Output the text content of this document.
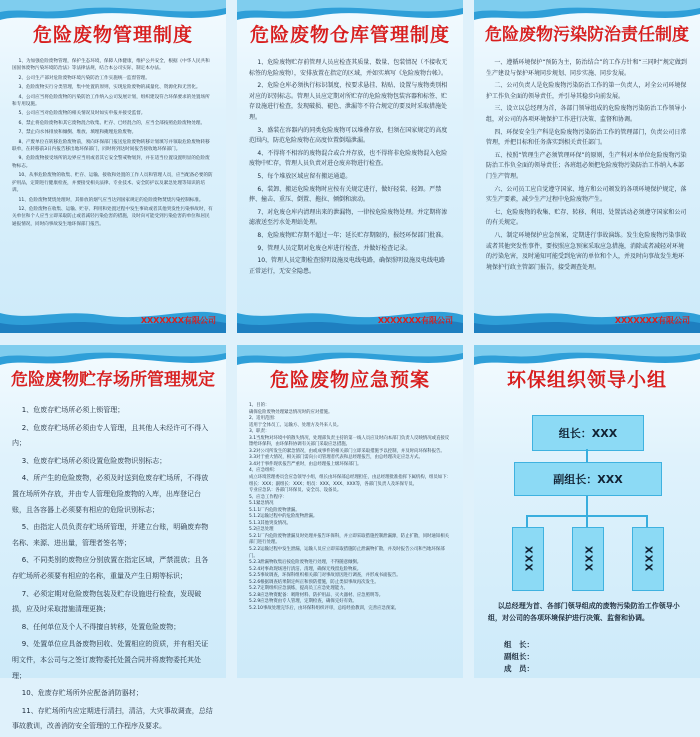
危险废物管理制度

1、为加强危险废物管理，保护生态环境，保障人体健康，维护公共安全，根据《中华人民共和国固体废物污染环境防治法》等法律法规，结合本公司实际，制定本办法。

2、公司生产部对危险废物环境污染防治工作实施统一监督管理。

3、危险废物实行分类管理，集中处置的原则，实现危险废物的减量化、资源化和无害化。

4、公司应当将危险废物的污染防治工作纳入公司发展计划，组织建设符合环保要求的处置场所和专用设施。

5、公司应当对危险废物的相关情况及时如实申报并接受监督。

6、禁止将危险废物和其它废物混合收集、贮存、已经混合的，应当全部按照危险废物处理。

7、禁止向水体排放和倾倒、堆放、填埋和掩埋危险废物。

8、产废单位在转移危险废物前，须向环保部门报送危险废物转移计划填写并领取危险废物转移联单，在转移前3日内报告移出地环保部门，同时将到达时间报告接收地环保部门。

9、危险废物接受场所的边界应当用或者其它安全警戒物划封，并在适当位置设置明显的危险废物标志。

10、从事危险废物的收集、贮存、运输、接收和处置的工作人员和管理人员，应当配备必要的防护用品，定期进行健康检查，并要接受相关法律、专业技术、安全防护以及紧急处理等知识的培训。

11、危险废物焚烧处理时，其排放的烟气应当达到国家规定的危险废物焚烧污染控制标准。

12、危险废物在收集、运输、贮存、利用和处置过程中发生事故或者其他突发性污染事故时，有关单位和个人应当立即采取防止或者减轻污染危害的措施，及时向可能受到污染危害的单位和居民通报情况，同时向事故发生地环保部门报告。

XXXXXXX有限公司
危险废物仓库管理制度

1、危险废物贮存前管理人员应检查其质量、数量、包装情况（不接收无标签的危险废物），安排放置在指定的区域，并如实填写《危险废物台帐》。

2、危险仓库必须执行标识制度，按要求悬挂、粘贴、设置与废物类别相对应的识别标志。管理人员应定期对所贮存的危险废物包装容器和标签、贮存设施进行检查，发现破损、褪色、泄漏等不符合规定的要及时采取措施处理。

3、盛装在容器内的同类危险废物可以堆叠存放，但须在国家规定的高度范围内，防范危险废物在高度位置倒塌泄漏。

4、不得将不相容的废物混合或合并存放，也不得将非危险废物混入危险废物中贮存，管理人员负责对进仓废弃物进行检查。

5、每个堆放区域应留有搬运通道。

6、装卸、搬运危险废物时应按有关规定进行，做好轻装、轻卸。严禁摔、撞击、重压、倒置、拖拉、倾倒和滚动。

7、对危废仓库内清理出来的泄漏物，一律按危险废物处理。并定期将渗滤液送至污水处理站处理。

8、危险废物贮存期不超过一年；延长贮存期限的，报经环保部门批准。

9、管理人员定期对危废仓库进行检查，并做好检查记录。

10、管理人员定期检查照明设施及电线电路，确保照明设施及电线电路正常运行，无安全隐患。

XXXXXXX有限公司
危险废物污染防治责任制度

一、遵循环境保护“预防为主，防治结合”的工作方针和“三同时”规定做到生产建设与保护环境同步规划、同步实施、同步发展。

二、公司负责人是危险废物污染防治工作的第一负责人，对全公司环境保护工作负全面的领导责任，并引导其稳步向前发展。

三、设立以总经理为首，各部门领导组成的危险废物污染防治工作领导小组，对公司的各项环境保护工作进行决策、监督和协调。

四、环保安全生产科是危险废物污染防治工作的管理部门，负责公司日常管理，并把目标和任务落实到相关责任部门。

五、按照“管理生产必须管理环保”的原则，生产科对本单位危险废物污染防治工作负全面的领导责任；各班组必须把危险废物污染防治工作纳入本部门生产管理。

六、公司员工应自觉遵守国家、地方和公司颁发的各项环境保护规定，落实生产要素，减少生产过程中危险废物产生。

七、危险废物的收集、贮存、转移、利用、处置活动必须遵守国家和公司的有关规定。

八、制定环境保护应急预案，定期进行事故演练。发生危险废物污染事故或者其他突发性事件，要按照应急预案采取应急措施，消除或者减轻对环境的污染危害，及时通知可能受到危害的单位和个人，并及时向事故发生地环境保护行政主管部门报告，接受调查处理。

XXXXXXX有限公司
危险废物贮存场所管理规定

1、危废存贮场所必须上锁管理；

2、危废存贮场所必须由专人管理，且其他人未经许可不得入内；

3、危废存贮场所必须设置危险废物识别标志；

4、所产生的危险废物，必须及时送到危废存贮场所，不得放置在场所外存放，并由专人管理危险废物的入库，出库登记台账，且各容器上必须要有相应的危险识别标志；

5、由指定人员负责存贮场所管理，并建立台账，明确废弃物名称、来源、进出量，管理者签名等；

6、不同类别的废物应分别放置在指定区域，严禁混放；且各存贮场所必须要有相应的名称，重量及产生日期等标识；

7、必须定期对危险废物包装及贮存设施进行检查，发现破损，应及时采取措施清理更换；

8、任何单位及个人不得擅自转移，处置危险废物；

9、处置单位应具备废物回收、处置相应的资质，并有相关证明文件，本公司与之签订废物委托处置合同并将废物委托其处理；

10、危废存贮场所外应配备消防器材；

11、存贮场所内应定期进行清扫，清洁，大灾事故调查，总结事故教训，改善消防安全管理的工作程序及要求。

危险废物应急预案

1、目的：

确保危险废物处理紧急情况时的应对措施。

2、适用范围：

适用于全体员工、运输方、处理方及外来人员。

3、职责：

3.1当废物对环境中的散失情况，处理部负责主持的第一线人员应及时向本部门负责人反映情况或直接反馈给环保科，由环保科协调有关部门采取应急措施。

3.2对公司所发生的紧急情况，由或成事件的相关部门立即采取措施予以控制，并及时向环保科报告。

3.3对于重大情况，相关部门需向公司管理者代表和总经理报告，由总经理决定应急方式。

3.4对于事件现状报告严重时，由总经理报上级环保部门。

4、应急组织：

成立环境管理委员会应急领导小组，组长由环保部总经理担任，由总经理批准指挥下属机构，组员如下：

组长：XXX；副组长：XXX；组员：XXX、XXX、XXX等，各部门负责人及环保专员。

专业应急队：各部门环保员、安全员、设备员。

5、应急工作程序：

5.1紧急情况

5.1.1厂内危险废物泄漏。

5.1.2运输过程中的危险废物泄漏。

5.1.3其他突发情况。

5.2应急处理

5.2.1厂内危险废物泄漏及时处理并报告环保科，并立即采取措施控制泄漏源，防止扩散，同时通知相关部门进行处理。

5.2.2运输过程中发生泄漏，运输人员应立即采取措施防止泄漏物扩散，并及时报告公司和当地环保部门。

5.2.3泄漏物收集后按危险废物进行处理，不得随意倾倒。

5.2.4对事故现场进行清洁、清理，确保无残留危险物质。

5.2.5事故调查，环保科组织相关部门对事故原因进行调查，并形成书面报告。

5.2.6根据调查结果制定纠正和预防措施，防止类似事故再次发生。

5.2.7定期组织应急演练，提高员工应急处理能力。

5.2.8应急物资配备：吸附材料、防护用品、灭火器材、应急照明等。

5.2.9应急物资由专人管理，定期检查，确保完好有效。

5.2.10事故处理完毕后，由环保科组织评审，总结经验教训，完善应急预案。

环保组织领导小组
组长：XXX
副组长：XXX
XXX	XXX	XXX
以总经理为首、各部门领导组成的废物污染防治工作领导小组，对公司的各项环境保护进行决策、监督和协调。
组　长：
副组长：
成　员：
